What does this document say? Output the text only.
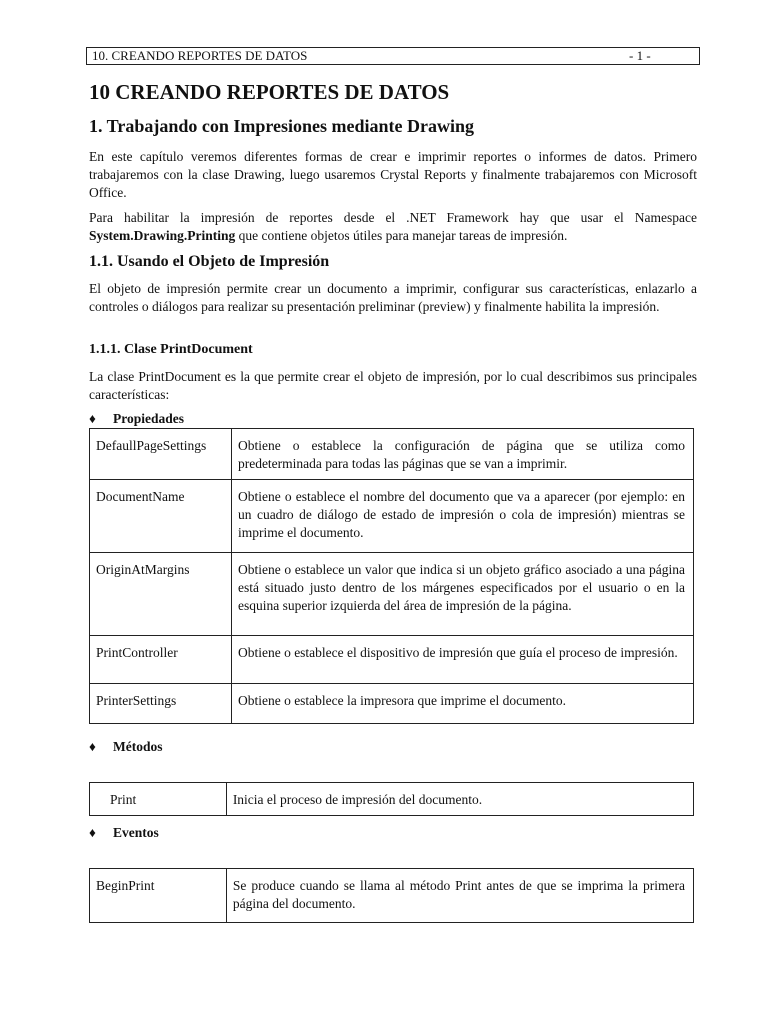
10. CREANDO REPORTES DE DATOS	- 1 -
10 CREANDO REPORTES DE DATOS
1. Trabajando con Impresiones mediante Drawing

En este capítulo veremos diferentes formas de crear e imprimir reportes o informes de datos. Primero trabajaremos con la clase Drawing, luego usaremos Crystal Reports y finalmente trabajaremos con Microsoft Office.

Para habilitar la impresión de reportes desde el .NET Framework hay que usar el Namespace System.Drawing.Printing que contiene objetos útiles para manejar tareas de impresión.

1.1. Usando el Objeto de Impresión

El objeto de impresión permite crear un documento a imprimir, configurar sus características, enlazarlo a controles o diálogos para realizar su presentación preliminar (preview) y finalmente habilita la impresión.

1.1.1. Clase PrintDocument

La clase PrintDocument es la que permite crear el objeto de impresión, por lo cual describimos sus principales características:

♦ Propiedades

DefaullPageSettings	Obtiene o establece la configuración de página que se utiliza como predeterminada para todas las páginas que se van a imprimir.
DocumentName	Obtiene o establece el nombre del documento que va a aparecer (por ejemplo: en un cuadro de diálogo de estado de impresión o cola de impresión) mientras se imprime el documento.
OriginAtMargins	Obtiene o establece un valor que indica si un objeto gráfico asociado a una página está situado justo dentro de los márgenes especificados por el usuario o en la esquina superior izquierda del área de impresión de la página.
PrintController	Obtiene o establece el dispositivo de impresión que guía el proceso de impresión.
PrinterSettings	Obtiene o establece la impresora que imprime el documento.

♦ Métodos

Print	Inicia el proceso de impresión del documento.

♦ Eventos

BeginPrint	Se produce cuando se llama al método Print antes de que se imprima la primera página del documento.
